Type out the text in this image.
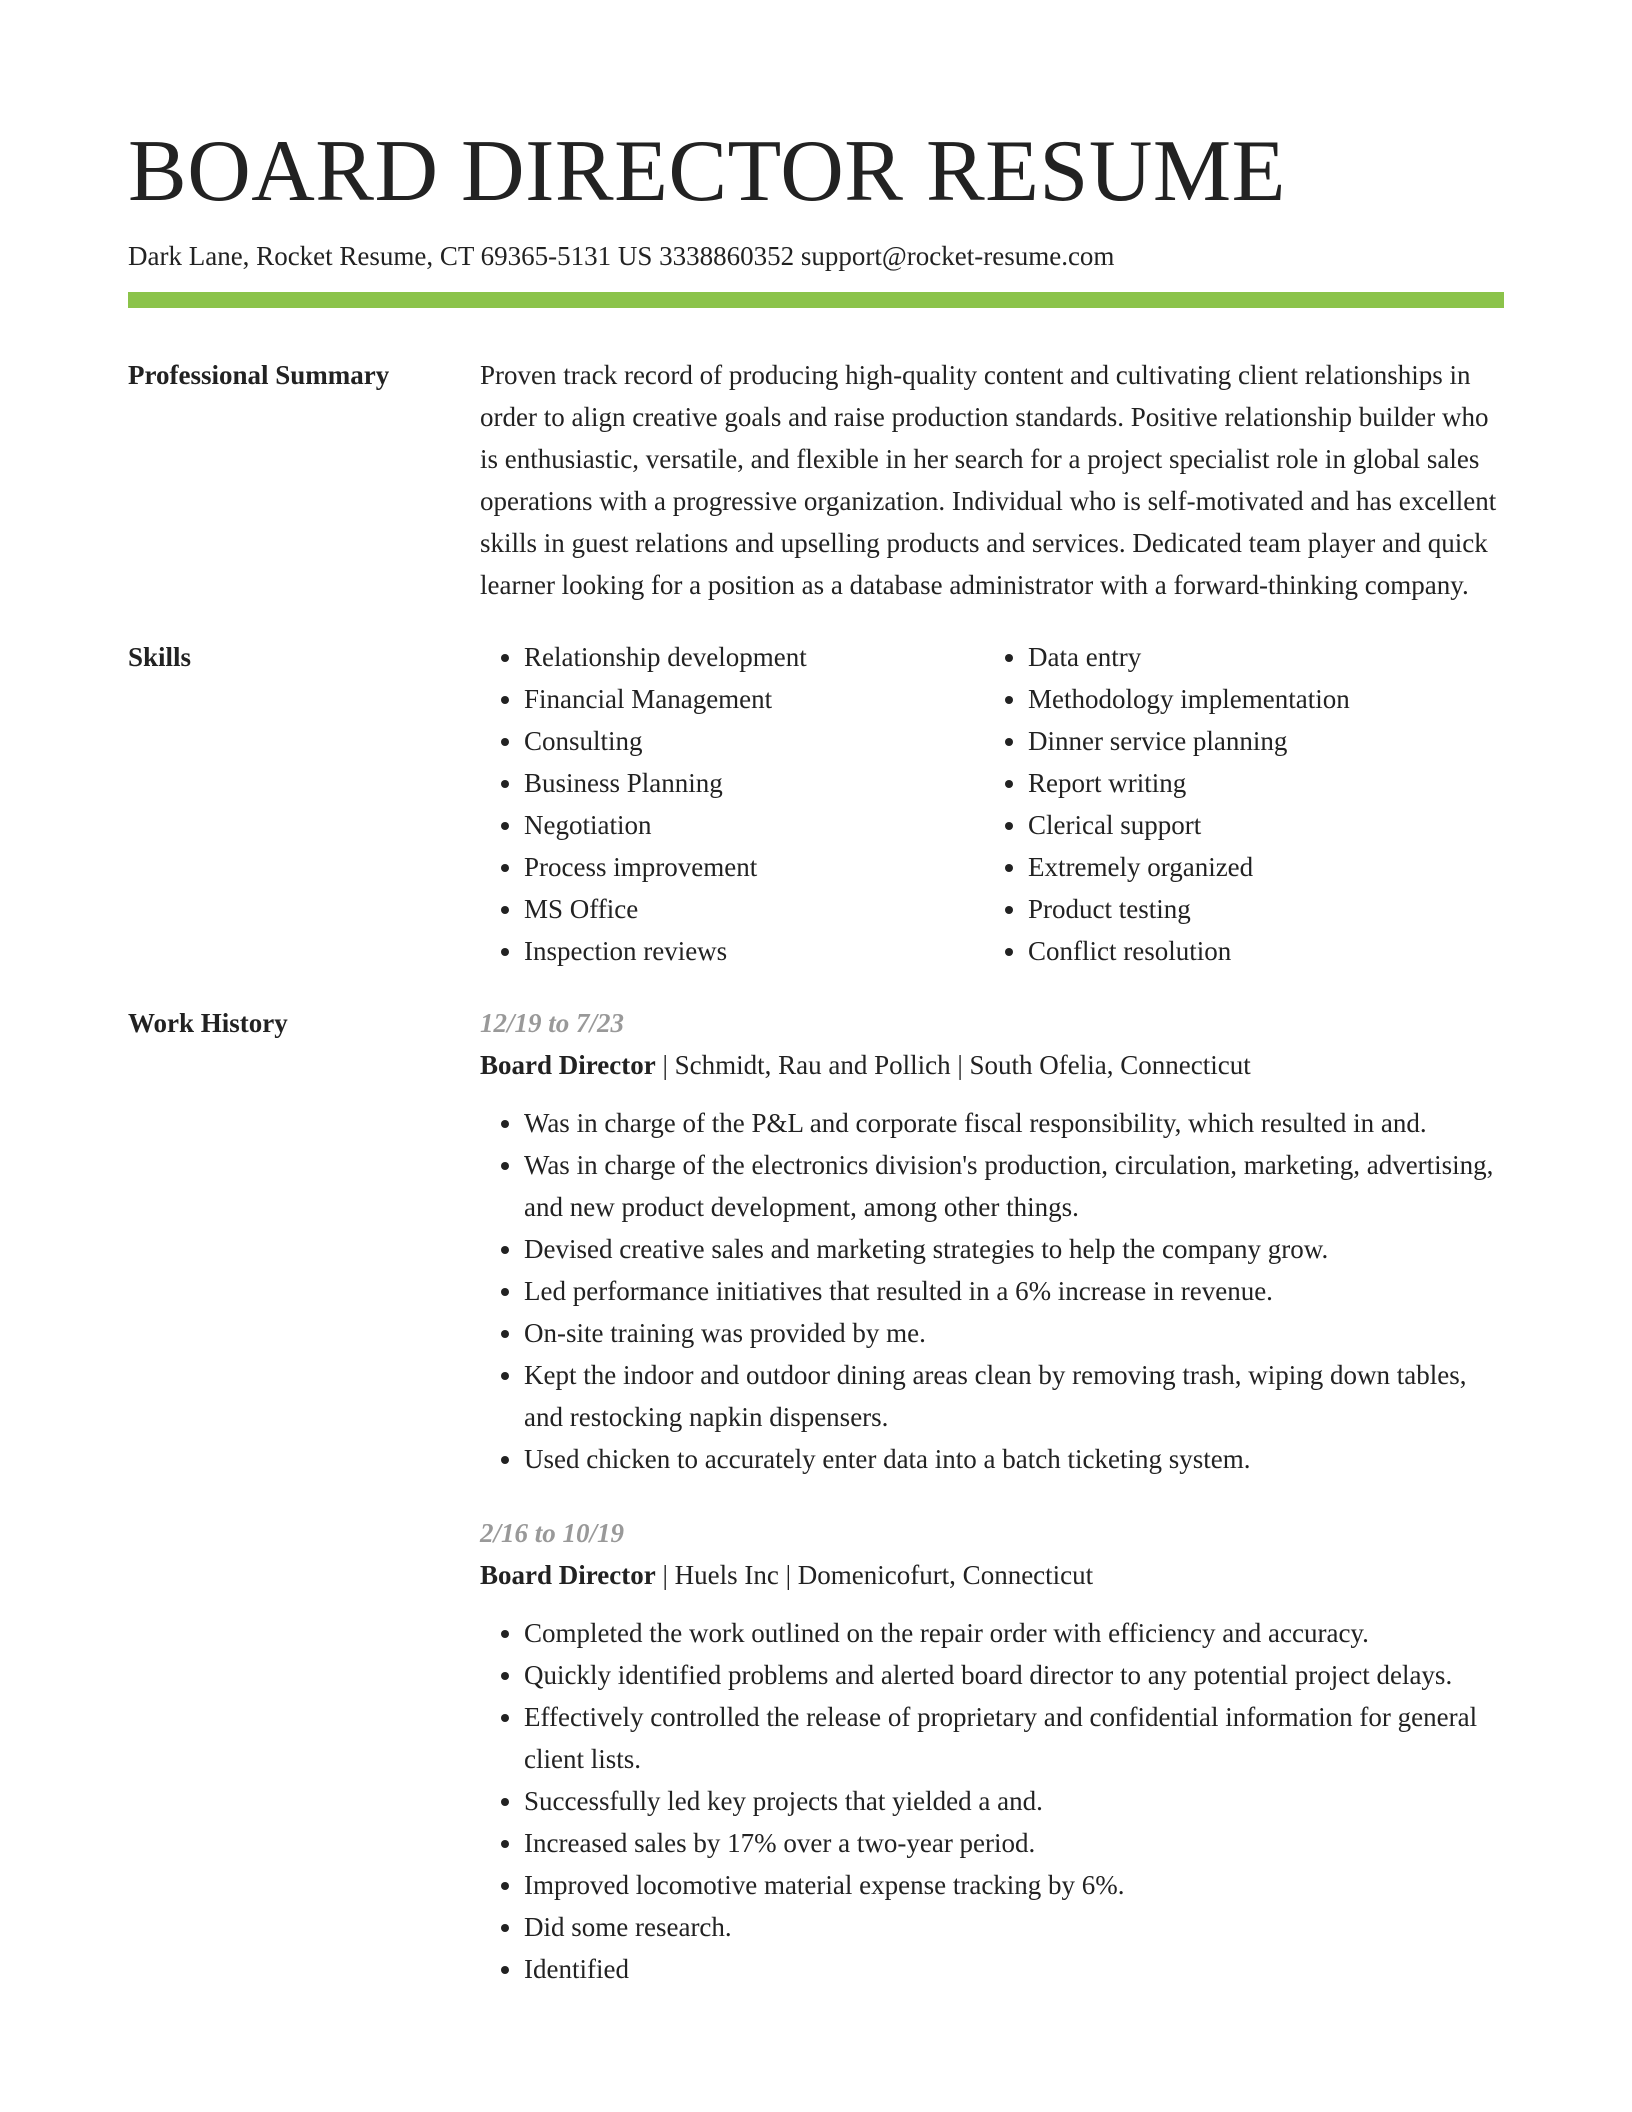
BOARD DIRECTOR RESUME
Dark Lane, Rocket Resume, CT 69365-5131 US 3338860352 support@rocket-resume.com
Professional Summary	Proven track record of producing high-quality content and cultivating client relationships in order to align creative goals and raise production standards. Positive relationship builder who is enthusiastic, versatile, and flexible in her search for a project specialist role in global sales operations with a progressive organization. Individual who is self-motivated and has excellent skills in guest relations and upselling products and services. Dedicated team player and quick learner looking for a position as a database administrator with a forward-thinking company.

Skills
•	Relationship development
• Financial Management
• Consulting
• Business Planning
• Negotiation
• Process improvement
• MS Office
• Inspection reviews
• Data entry
• Methodology implementation
• Dinner service planning
• Report writing
• Clerical support
• Extremely organized
• Product testing
• Conflict resolution
Work History	12/19 to 7/23
Board Director | Schmidt, Rau and Pollich | South Ofelia, Connecticut
• Was in charge of the P&L and corporate fiscal responsibility, which resulted in and.
• Was in charge of the electronics division's production, circulation, marketing, advertising, and new product development, among other things.
• Devised creative sales and marketing strategies to help the company grow.
• Led performance initiatives that resulted in a 6% increase in revenue.
• On-site training was provided by me.
• Kept the indoor and outdoor dining areas clean by removing trash, wiping down tables, and restocking napkin dispensers.
• Used chicken to accurately enter data into a batch ticketing system.
2/16 to 10/19
Board Director | Huels Inc | Domenicofurt, Connecticut
• Completed the work outlined on the repair order with efficiency and accuracy.
• Quickly identified problems and alerted board director to any potential project delays.
• Effectively controlled the release of proprietary and confidential information for general client lists.
• Successfully led key projects that yielded a and.
• Increased sales by 17% over a two-year period.
• Improved locomotive material expense tracking by 6%.
• Did some research.
• Identified
